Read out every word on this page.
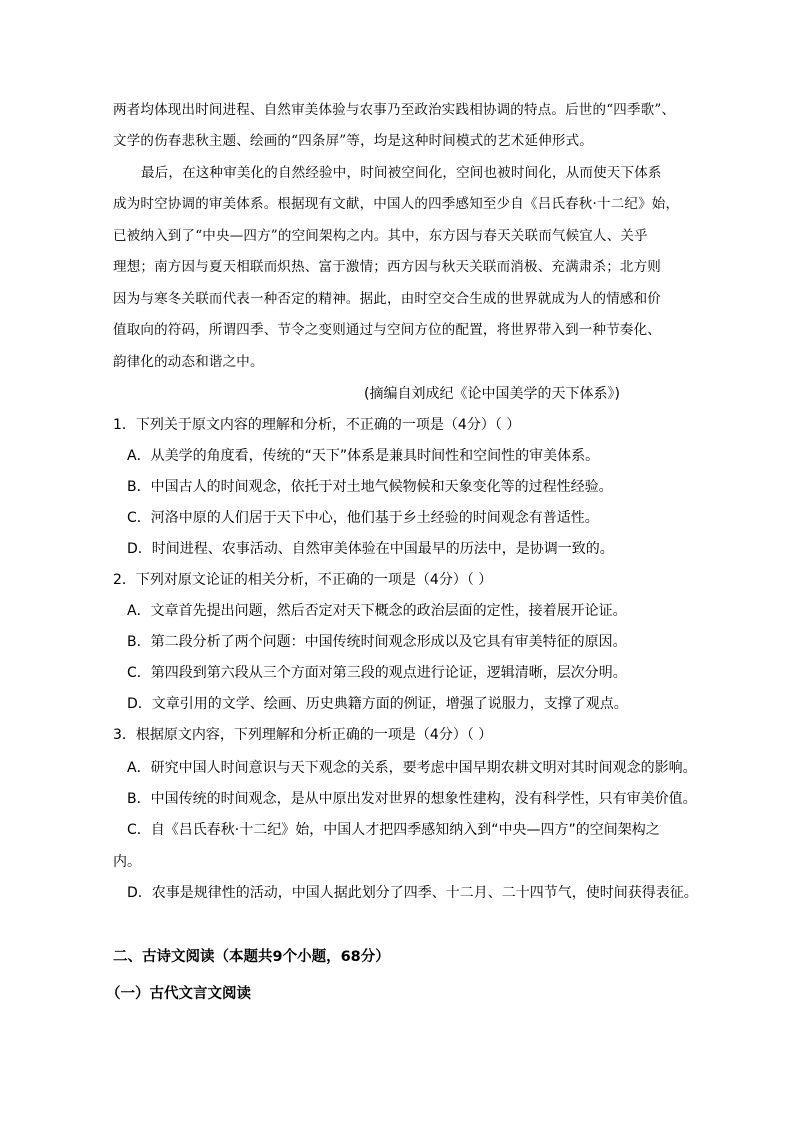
两者均体现出时间进程、自然审美体验与农事乃至政治实践相协调的特点。后世的“四季歌”、
文学的伤春悲秋主题、绘画的“四条屏”等，均是这种时间模式的艺术延伸形式。
最后，在这种审美化的自然经验中，时间被空间化，空间也被时间化，从而使天下体系
成为时空协调的审美体系。根据现有文献，中国人的四季感知至少自《吕氏春秋·十二纪》始，
已被纳入到了“中央—四方”的空间架构之内。其中，东方因与春天关联而气候宜人、关乎
理想；南方因与夏天相联而炽热、富于激情；西方因与秋天关联而消极、充满肃杀；北方则
因为与寒冬关联而代表一种否定的精神。据此，由时空交合生成的世界就成为人的情感和价
值取向的符码，所谓四季、节令之变则通过与空间方位的配置，将世界带入到一种节奏化、
韵律化的动态和谐之中。
(摘编自刘成纪《论中国美学的天下体系》)
1．下列关于原文内容的理解和分析，不正确的一项是（4分）（ ）
A．从美学的角度看，传统的“天下”体系是兼具时间性和空间性的审美体系。
B．中国古人的时间观念，依托于对土地气候物候和天象变化等的过程性经验。
C．河洛中原的人们居于天下中心，他们基于乡土经验的时间观念有普适性。
D．时间进程、农事活动、自然审美体验在中国最早的历法中，是协调一致的。
2．下列对原文论证的相关分析，不正确的一项是（4分）（ ）
A．文章首先提出问题，然后否定对天下概念的政治层面的定性，接着展开论证。
B．第二段分析了两个问题：中国传统时间观念形成以及它具有审美特征的原因。
C．第四段到第六段从三个方面对第三段的观点进行论证，逻辑清晰，层次分明。
D．文章引用的文学、绘画、历史典籍方面的例证，增强了说服力，支撑了观点。
3．根据原文内容，下列理解和分析正确的一项是（4分）（ ）
A．研究中国人时间意识与天下观念的关系，要考虑中国早期农耕文明对其时间观念的影响。
B．中国传统的时间观念，是从中原出发对世界的想象性建构，没有科学性，只有审美价值。
C．自《吕氏春秋·十二纪》始，中国人才把四季感知纳入到“中央—四方”的空间架构之
内。
D．农事是规律性的活动，中国人据此划分了四季、十二月、二十四节气，使时间获得表征。
二、古诗文阅读（本题共9个小题，68分）
（一）古代文言文阅读
